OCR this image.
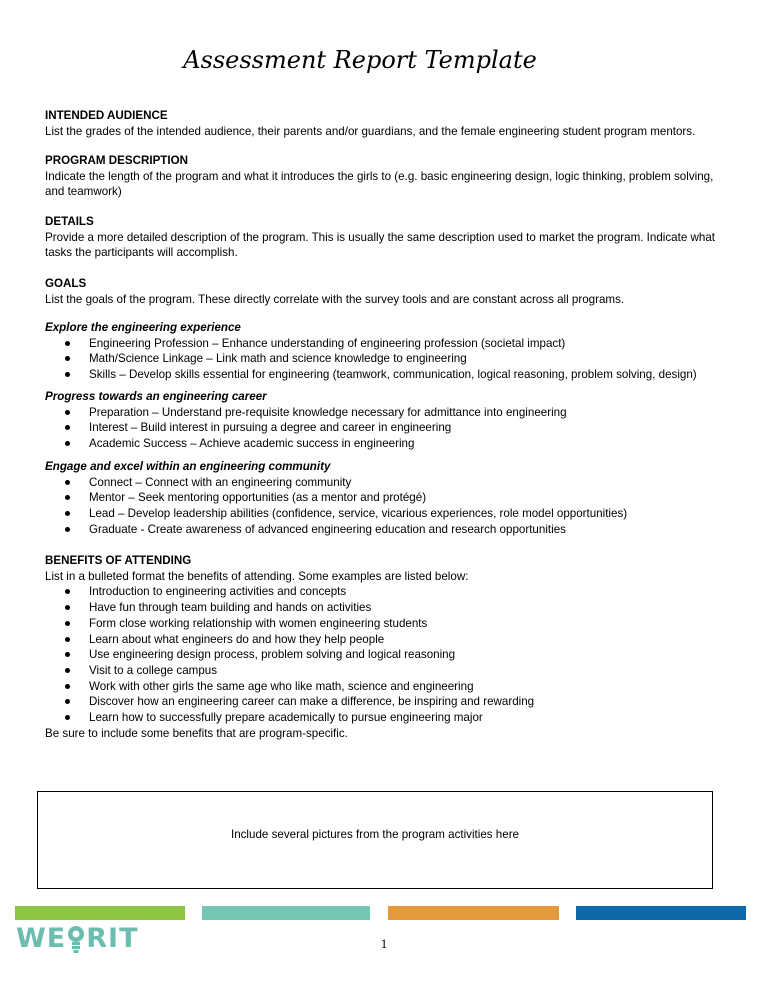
Assessment Report Template
INTENDED AUDIENCE

List the grades of the intended audience, their parents and/or guardians, and the female engineering student program mentors.

PROGRAM DESCRIPTION

Indicate the length of the program and what it introduces the girls to (e.g. basic engineering design, logic thinking, problem solving, and teamwork)

DETAILS

Provide a more detailed description of the program. This is usually the same description used to market the program. Indicate what tasks the participants will accomplish.

GOALS

List the goals of the program. These directly correlate with the survey tools and are constant across all programs.

Explore the engineering experience
Engineering Profession – Enhance understanding of engineering profession (societal impact)
Math/Science Linkage – Link math and science knowledge to engineering
Skills – Develop skills essential for engineering (teamwork, communication, logical reasoning, problem solving, design)
Progress towards an engineering career
Preparation – Understand pre-requisite knowledge necessary for admittance into engineering
Interest – Build interest in pursuing a degree and career in engineering
Academic Success – Achieve academic success in engineering
Engage and excel within an engineering community
Connect – Connect with an engineering community
Mentor – Seek mentoring opportunities (as a mentor and protégé)
Lead – Develop leadership abilities (confidence, service, vicarious experiences, role model opportunities)
Graduate - Create awareness of advanced engineering education and research opportunities
BENEFITS OF ATTENDING

List in a bulleted format the benefits of attending. Some examples are listed below:

Introduction to engineering activities and concepts
Have fun through team building and hands on activities
Form close working relationship with women engineering students
Learn about what engineers do and how they help people
Use engineering design process, problem solving and logical reasoning
Visit to a college campus
Work with other girls the same age who like math, science and engineering
Discover how an engineering career can make a difference, be inspiring and rewarding
Learn how to successfully prepare academically to pursue engineering major

Be sure to include some benefits that are program-specific.

Include several pictures from the program activities here
WE RIT	1
